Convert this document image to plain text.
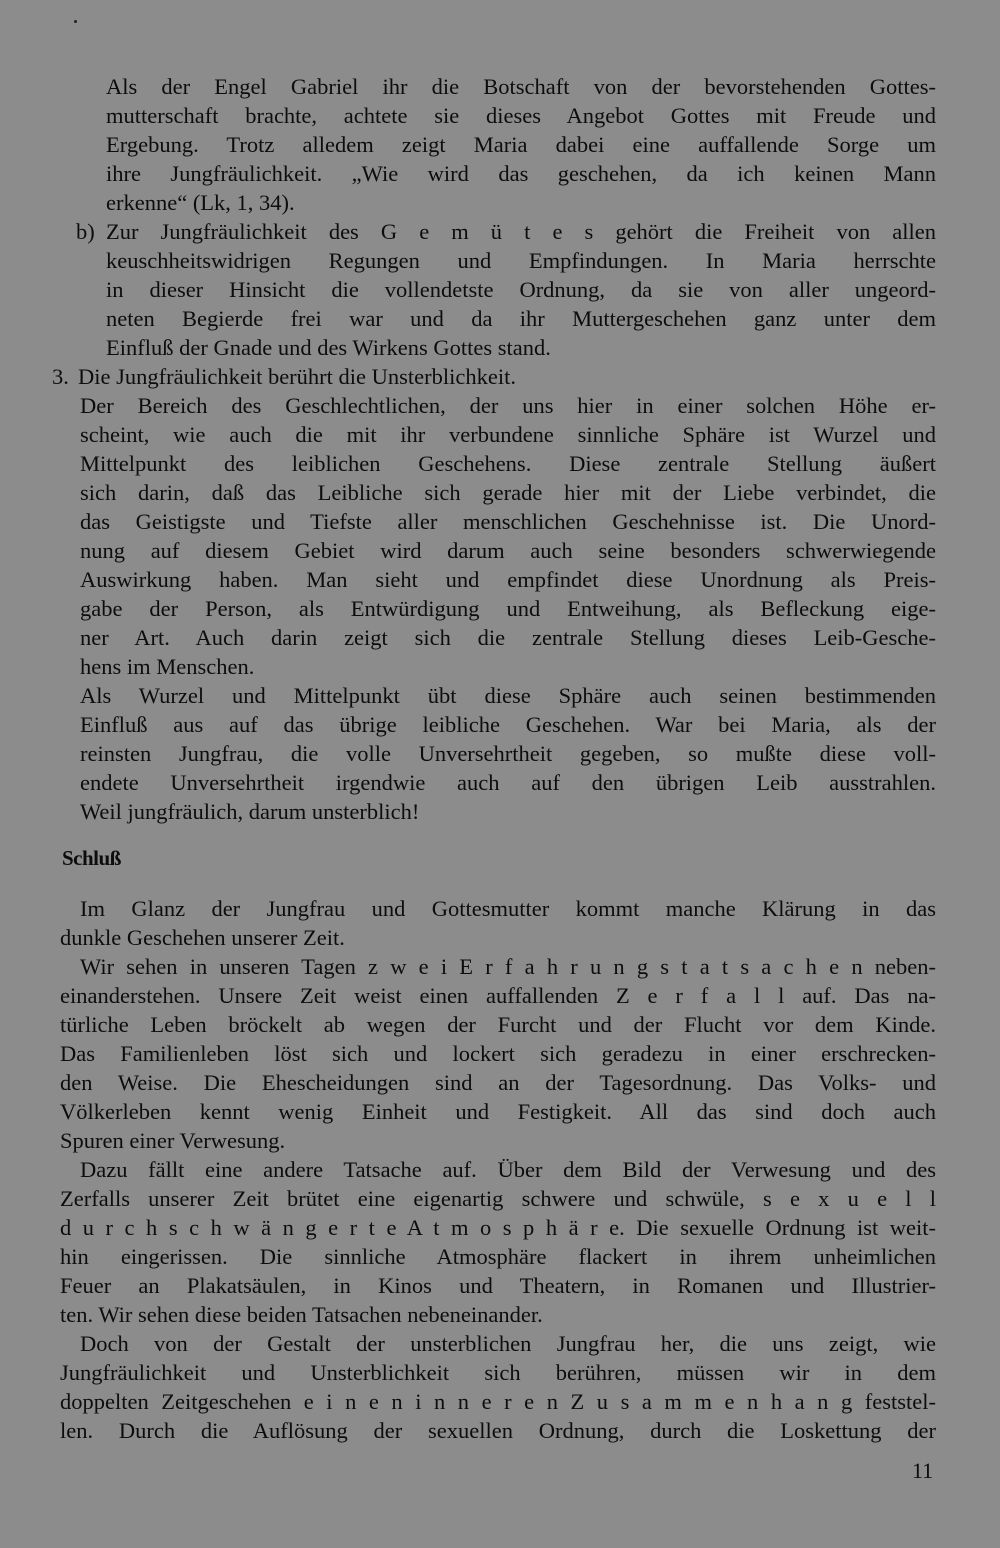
Als der Engel Gabriel ihr die Botschaft von der bevorstehenden Gottes-
mutterschaft brachte, achtete sie dieses Angebot Gottes mit Freude und
Ergebung. Trotz alledem zeigt Maria dabei eine auffallende Sorge um
ihre Jungfräulichkeit. „Wie wird das geschehen, da ich keinen Mann
erkenne“ (Lk, 1, 34).
b) Zur Jungfräulichkeit des G e m ü t e s gehört die Freiheit von allen
keuschheitswidrigen Regungen und Empfindungen. In Maria herrschte
in dieser Hinsicht die vollendetste Ordnung, da sie von aller ungeord-
neten Begierde frei war und da ihr Muttergeschehen ganz unter dem
Einfluß der Gnade und des Wirkens Gottes stand.
3. Die Jungfräulichkeit berührt die Unsterblichkeit.
Der Bereich des Geschlechtlichen, der uns hier in einer solchen Höhe er-
scheint, wie auch die mit ihr verbundene sinnliche Sphäre ist Wurzel und
Mittelpunkt des leiblichen Geschehens. Diese zentrale Stellung äußert
sich darin, daß das Leibliche sich gerade hier mit der Liebe verbindet, die
das Geistigste und Tiefste aller menschlichen Geschehnisse ist. Die Unord-
nung auf diesem Gebiet wird darum auch seine besonders schwerwiegende
Auswirkung haben. Man sieht und empfindet diese Unordnung als Preis-
gabe der Person, als Entwürdigung und Entweihung, als Befleckung eige-
ner Art. Auch darin zeigt sich die zentrale Stellung dieses Leib-Gesche-
hens im Menschen.
Als Wurzel und Mittelpunkt übt diese Sphäre auch seinen bestimmenden
Einfluß aus auf das übrige leibliche Geschehen. War bei Maria, als der
reinsten Jungfrau, die volle Unversehrtheit gegeben, so mußte diese voll-
endete Unversehrtheit irgendwie auch auf den übrigen Leib ausstrahlen.
Weil jungfräulich, darum unsterblich!
Schluß
Im Glanz der Jungfrau und Gottesmutter kommt manche Klärung in das
dunkle Geschehen unserer Zeit.
Wir sehen in unseren Tagen z w e i E r f a h r u n g s t a t s a c h e n neben-
einanderstehen. Unsere Zeit weist einen auffallenden Z e r f a l l auf. Das na-
türliche Leben bröckelt ab wegen der Furcht und der Flucht vor dem Kinde.
Das Familienleben löst sich und lockert sich geradezu in einer erschrecken-
den Weise. Die Ehescheidungen sind an der Tagesordnung. Das Volks- und
Völkerleben kennt wenig Einheit und Festigkeit. All das sind doch auch
Spuren einer Verwesung.
Dazu fällt eine andere Tatsache auf. Über dem Bild der Verwesung und des
Zerfalls unserer Zeit brütet eine eigenartig schwere und schwüle, s e x u e l l
d u r c h s c h w ä n g e r t e A t m o s p h ä r e. Die sexuelle Ordnung ist weit-
hin eingerissen. Die sinnliche Atmosphäre flackert in ihrem unheimlichen
Feuer an Plakatsäulen, in Kinos und Theatern, in Romanen und Illustrier-
ten. Wir sehen diese beiden Tatsachen nebeneinander.
Doch von der Gestalt der unsterblichen Jungfrau her, die uns zeigt, wie
Jungfräulichkeit und Unsterblichkeit sich berühren, müssen wir in dem
doppelten Zeitgeschehen e i n e n i n n e r e n Z u s a m m e n h a n g feststel-
len. Durch die Auflösung der sexuellen Ordnung, durch die Loskettung der
11
